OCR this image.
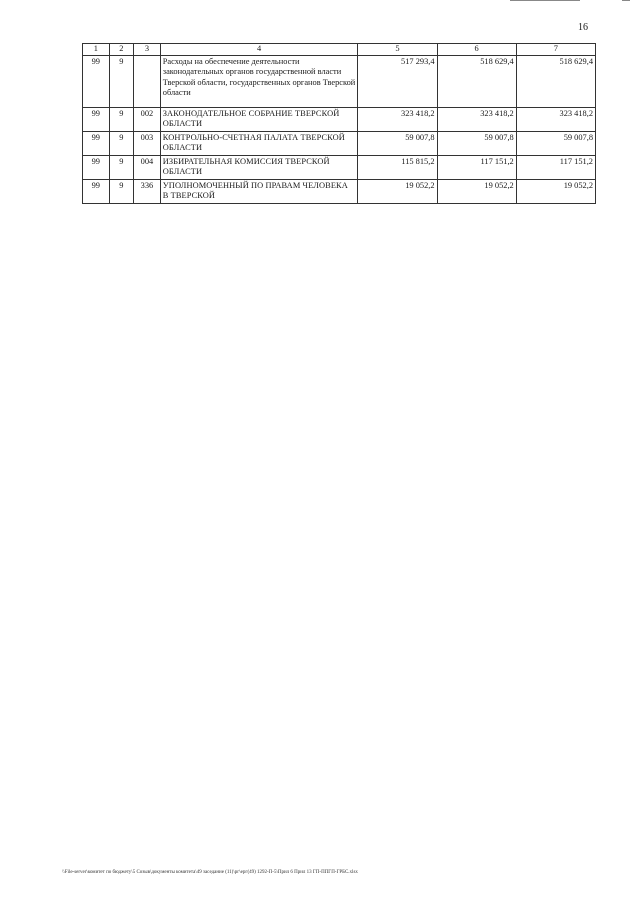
16
1	2	3	4	5	6	7
99	9		Расходы на обеспечение деятельности законодательных органов государственной власти Тверской области, государственных органов Тверской области	517 293,4	518 629,4	518 629,4
99	9	002	ЗАКОНОДАТЕЛЬНОЕ СОБРАНИЕ ТВЕРСКОЙ ОБЛАСТИ	323 418,2	323 418,2	323 418,2
99	9	003	КОНТРОЛЬНО-СЧЕТНАЯ ПАЛАТА ТВЕРСКОЙ ОБЛАСТИ	59 007,8	59 007,8	59 007,8
99	9	004	ИЗБИРАТЕЛЬНАЯ КОМИССИЯ ТВЕРСКОЙ ОБЛАСТИ	115 815,2	117 151,2	117 151,2
99	9	336	УПОЛНОМОЧЕННЫЙ ПО ПРАВАМ ЧЕЛОВЕКА В ТВЕРСКОЙ	19 052,2	19 052,2	19 052,2
\\File-server\комитет по бюджету\5 Созыв\документы комитета\49 заседание (11)\рг\ерг(49) 1292-П-5\Прил 6 Прил 13 ГП-ППГП-ГРБС.xlsx
